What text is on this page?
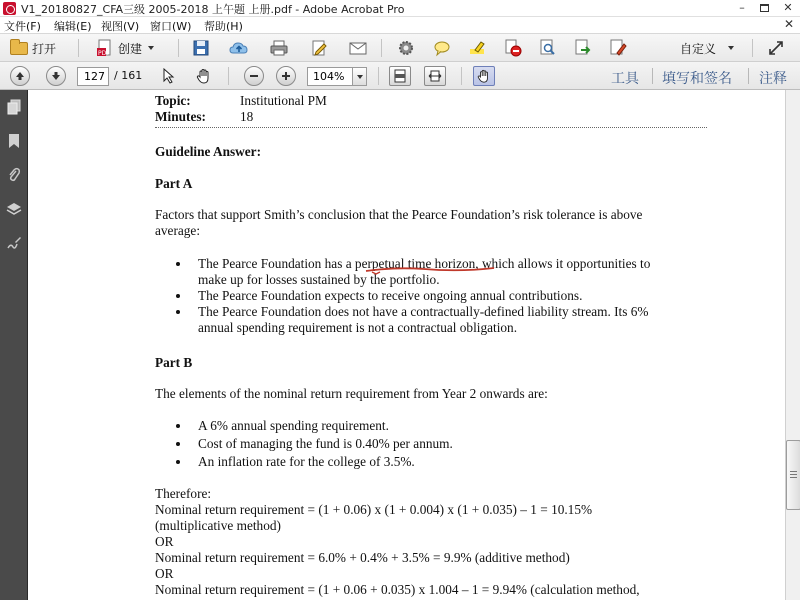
V1_20180827_CFA三级 2005-2018 上午题 上册.pdf - Adobe Acrobat Pro	–	✕
文件(F) 编辑(E) 视图(V) 窗口(W) 帮助(H)	✕
打开	PDF 创建	自定义
127
/ 161
104%	工具 填写和签名 注释
Topic:	Institutional PM
Minutes:	18
Guideline Answer:
Part A
Factors that support Smith’s conclusion that the Pearce Foundation’s risk tolerance is above
average:
The Pearce Foundation has a perpetual time horizon, which allows it opportunities to
make up for losses sustained by the portfolio.
The Pearce Foundation expects to receive ongoing annual contributions.
The Pearce Foundation does not have a contractually-defined liability stream. Its 6%
annual spending requirement is not a contractual obligation.
Part B
The elements of the nominal return requirement from Year 2 onwards are:
A 6% annual spending requirement.
Cost of managing the fund is 0.40% per annum.
An inflation rate for the college of 3.5%.
Therefore:
Nominal return requirement = (1 + 0.06) x (1 + 0.004) x (1 + 0.035) – 1 = 10.15%
(multiplicative method)
OR
Nominal return requirement = 6.0% + 0.4% + 3.5% = 9.9% (additive method)
OR
Nominal return requirement = (1 + 0.06 + 0.035) x 1.004 – 1 = 9.94% (calculation method,
